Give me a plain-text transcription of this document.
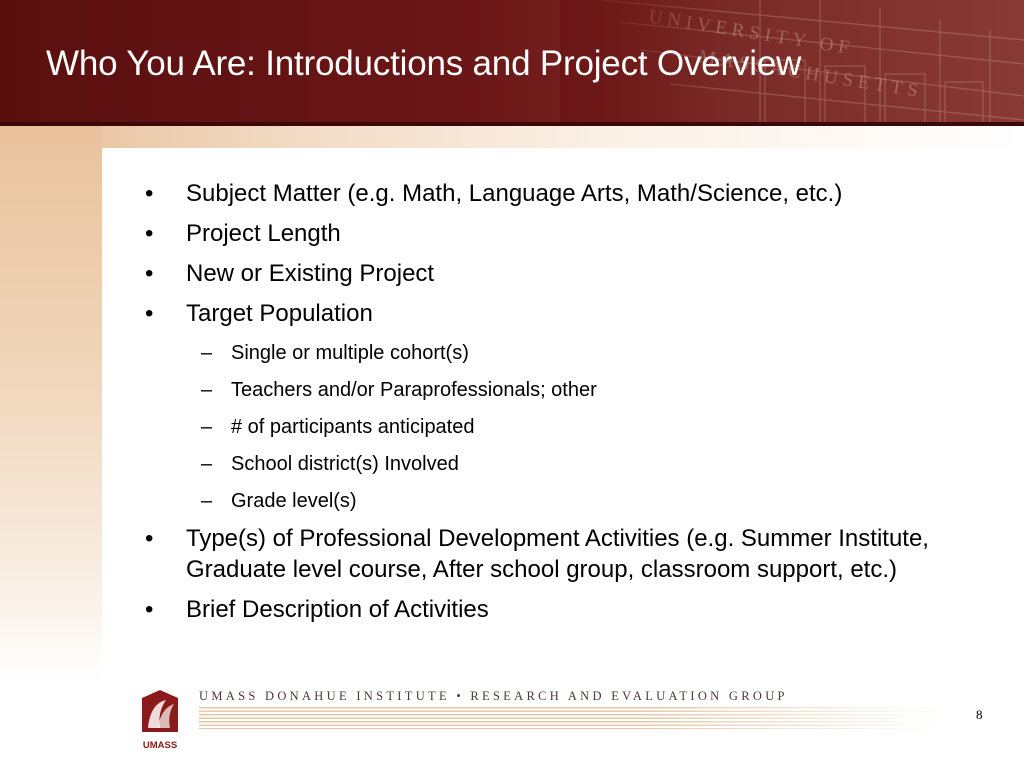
Who You Are: Introductions and Project Overview
• Subject Matter (e.g. Math, Language Arts, Math/Science, etc.)
• Project Length
• New or Existing Project
• Target Population
– Single or multiple cohort(s)
– Teachers and/or Paraprofessionals; other
– # of participants anticipated
– School district(s) Involved
– Grade level(s)
• Type(s) of Professional Development Activities (e.g. Summer Institute, Graduate level course, After school group, classroom support, etc.)
• Brief Description of Activities
UMASS
UMASS DONAHUE INSTITUTE • RESEARCH AND EVALUATION GROUP
8
